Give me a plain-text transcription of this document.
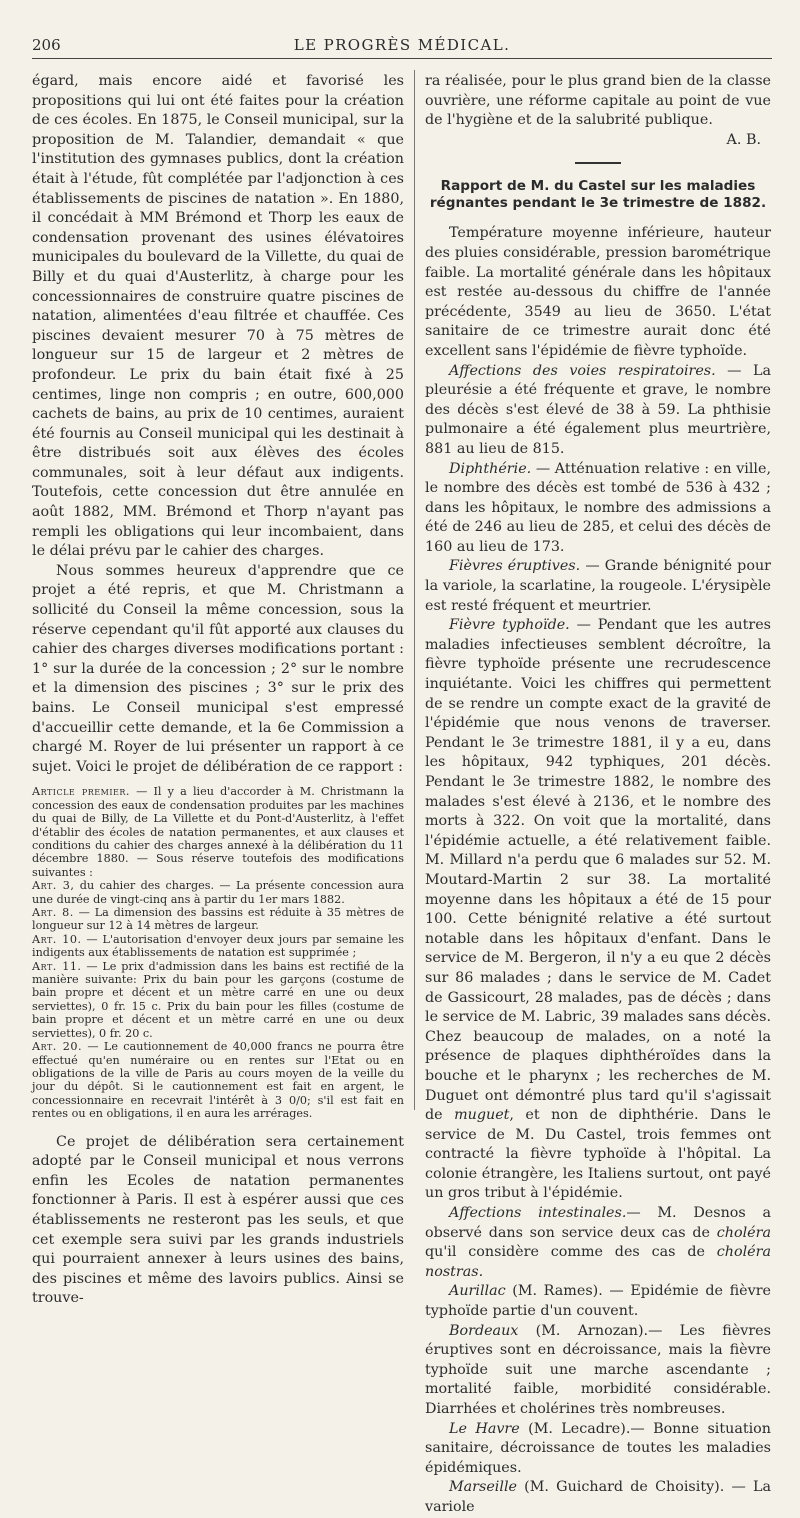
206	LE PROGRÈS MÉDICAL.

égard, mais encore aidé et favorisé les propositions qui lui ont été faites pour la création de ces écoles. En 1875, le Conseil municipal, sur la proposition de M. Talandier, demandait « que l'institution des gymnases publics, dont la création était à l'étude, fût complétée par l'adjonction à ces établissements de piscines de natation ». En 1880, il concédait à MM Brémond et Thorp les eaux de condensation provenant des usines élévatoires municipales du boulevard de la Villette, du quai de Billy et du quai d'Austerlitz, à charge pour les concessionnaires de construire quatre piscines de natation, alimentées d'eau filtrée et chauffée. Ces piscines devaient mesurer 70 à 75 mètres de longueur sur 15 de largeur et 2 mètres de profondeur. Le prix du bain était fixé à 25 centimes, linge non compris ; en outre, 600,000 cachets de bains, au prix de 10 centimes, auraient été fournis au Conseil municipal qui les destinait à être distribués soit aux élèves des écoles communales, soit à leur défaut aux indigents. Toutefois, cette concession dut être annulée en août 1882, MM. Brémond et Thorp n'ayant pas rempli les obligations qui leur incombaient, dans le délai prévu par le cahier des charges.

Nous sommes heureux d'apprendre que ce projet a été repris, et que M. Christmann a sollicité du Conseil la même concession, sous la réserve cependant qu'il fût apporté aux clauses du cahier des charges diverses modifications portant : 1° sur la durée de la concession ; 2° sur le nombre et la dimension des piscines ; 3° sur le prix des bains. Le Conseil municipal s'est empressé d'accueillir cette demande, et la 6e Commission a chargé M. Royer de lui présenter un rapport à ce sujet. Voici le projet de délibération de ce rapport :

Article premier. — Il y a lieu d'accorder à M. Christmann la concession des eaux de condensation produites par les machines du quai de Billy, de La Villette et du Pont-d'Austerlitz, à l'effet d'établir des écoles de natation permanentes, et aux clauses et conditions du cahier des charges annexé à la délibération du 11 décembre 1880. — Sous réserve toutefois des modifications suivantes :

Art. 3, du cahier des charges. — La présente concession aura une durée de vingt-cinq ans à partir du 1er mars 1882.

Art. 8. — La dimension des bassins est réduite à 35 mètres de longueur sur 12 à 14 mètres de largeur.

Art. 10. — L'autorisation d'envoyer deux jours par semaine les indigents aux établissements de natation est supprimée ;

Art. 11. — Le prix d'admission dans les bains est rectifié de la manière suivante: Prix du bain pour les garçons (costume de bain propre et décent et un mètre carré en une ou deux serviettes), 0 fr. 15 c. Prix du bain pour les filles (costume de bain propre et décent et un mètre carré en une ou deux serviettes), 0 fr. 20 c.

Art. 20. — Le cautionnement de 40,000 francs ne pourra être effectué qu'en numéraire ou en rentes sur l'Etat ou en obligations de la ville de Paris au cours moyen de la veille du jour du dépôt. Si le cautionnement est fait en argent, le concessionnaire en recevrait l'intérêt à 3 0/0; s'il est fait en rentes ou en obligations, il en aura les arrérages.

Ce projet de délibération sera certainement adopté par le Conseil municipal et nous verrons enfin les Ecoles de natation permanentes fonctionner à Paris. Il est à espérer aussi que ces établissements ne resteront pas les seuls, et que cet exemple sera suivi par les grands industriels qui pourraient annexer à leurs usines des bains, des piscines et même des lavoirs publics. Ainsi se trouve-

ra réalisée, pour le plus grand bien de la classe ouvrière, une réforme capitale au point de vue de l'hygiène et de la salubrité publique.

A. B.

Rapport de M. du Castel sur les maladies régnantes pendant le 3e trimestre de 1882.

Température moyenne inférieure, hauteur des pluies considérable, pression barométrique faible. La mortalité générale dans les hôpitaux est restée au-dessous du chiffre de l'année précédente, 3549 au lieu de 3650. L'état sanitaire de ce trimestre aurait donc été excellent sans l'épidémie de fièvre typhoïde.

Affections des voies respiratoires. — La pleurésie a été fréquente et grave, le nombre des décès s'est élevé de 38 à 59. La phthisie pulmonaire a été également plus meurtrière, 881 au lieu de 815.

Diphthérie. — Atténuation relative : en ville, le nombre des décès est tombé de 536 à 432 ; dans les hôpitaux, le nombre des admissions a été de 246 au lieu de 285, et celui des décès de 160 au lieu de 173.

Fièvres éruptives. — Grande bénignité pour la variole, la scarlatine, la rougeole. L'érysipèle est resté fréquent et meurtrier.

Fièvre typhoïde. — Pendant que les autres maladies infectieuses semblent décroître, la fièvre typhoïde présente une recrudescence inquiétante. Voici les chiffres qui permettent de se rendre un compte exact de la gravité de l'épidémie que nous venons de traverser. Pendant le 3e trimestre 1881, il y a eu, dans les hôpitaux, 942 typhiques, 201 décès. Pendant le 3e trimestre 1882, le nombre des malades s'est élevé à 2136, et le nombre des morts à 322. On voit que la mortalité, dans l'épidémie actuelle, a été relativement faible. M. Millard n'a perdu que 6 malades sur 52. M. Moutard-Martin 2 sur 38. La mortalité moyenne dans les hôpitaux a été de 15 pour 100. Cette bénignité relative a été surtout notable dans les hôpitaux d'enfant. Dans le service de M. Bergeron, il n'y a eu que 2 décès sur 86 malades ; dans le service de M. Cadet de Gassicourt, 28 malades, pas de décès ; dans le service de M. Labric, 39 malades sans décès. Chez beaucoup de malades, on a noté la présence de plaques diphthéroïdes dans la bouche et le pharynx ; les recherches de M. Duguet ont démontré plus tard qu'il s'agissait de muguet, et non de diphthérie. Dans le service de M. Du Castel, trois femmes ont contracté la fièvre typhoïde à l'hôpital. La colonie étrangère, les Italiens surtout, ont payé un gros tribut à l'épidémie.

Affections intestinales.— M. Desnos a observé dans son service deux cas de choléra qu'il considère comme des cas de choléra nostras.

Aurillac (M. Rames). — Epidémie de fièvre typhoïde partie d'un couvent.

Bordeaux (M. Arnozan).— Les fièvres éruptives sont en décroissance, mais la fièvre typhoïde suit une marche ascendante ; mortalité faible, morbidité considérable. Diarrhées et cholérines très nombreuses.

Le Havre (M. Lecadre).— Bonne situation sanitaire, décroissance de toutes les maladies épidémiques.

Marseille (M. Guichard de Choisity). — La variole
